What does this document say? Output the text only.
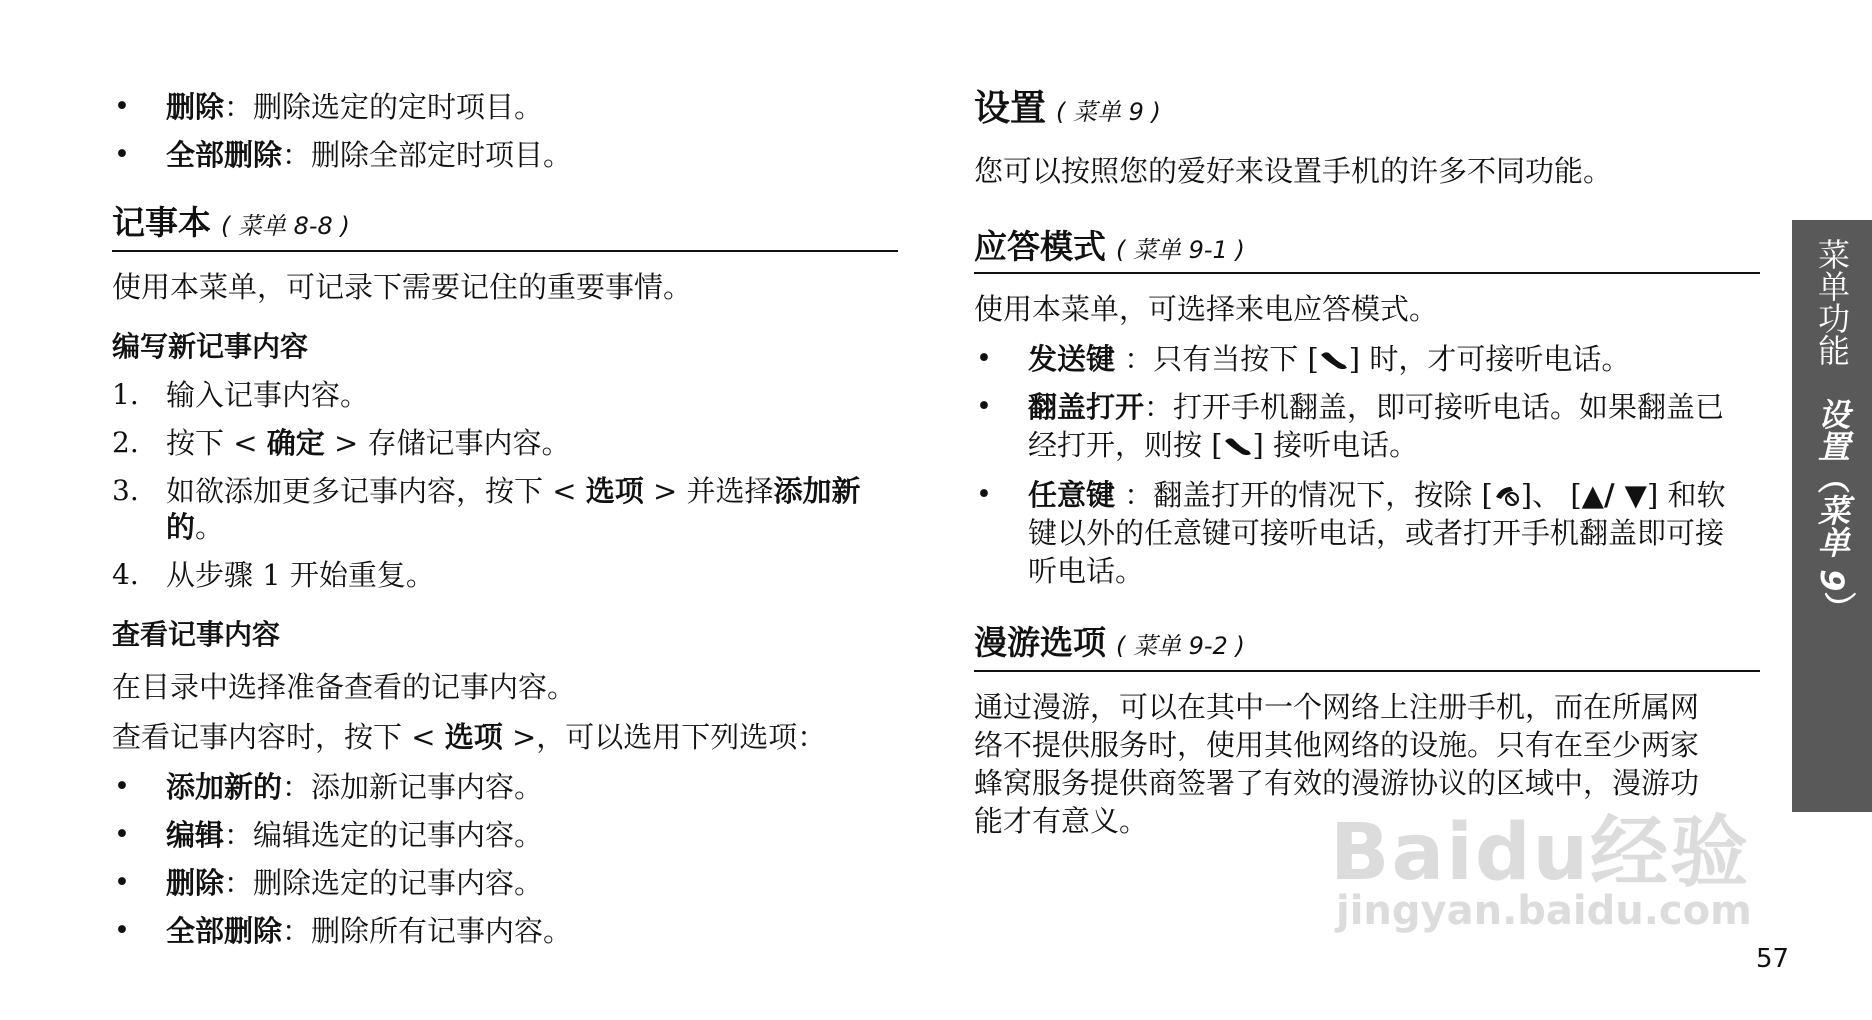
• 删除：删除选定的定时项目。
• 全部删除：删除全部定时项目。
记事本 ( 菜单 8-8 )
使用本菜单，可记录下需要记住的重要事情。
编写新记事内容
1. 输入记事内容。
2. 按下 < 确定 > 存储记事内容。
3. 如欲添加更多记事内容，按下 < 选项 > 并选择添加新
的。
4. 从步骤 1 开始重复。
查看记事内容
在目录中选择准备查看的记事内容。
查看记事内容时，按下 < 选项 >，可以选用下列选项：
• 添加新的：添加新记事内容。
• 编辑：编辑选定的记事内容。
• 删除：删除选定的记事内容。
• 全部删除：删除所有记事内容。
设置 ( 菜单 9 )
您可以按照您的爱好来设置手机的许多不同功能。
应答模式 ( 菜单 9-1 )
使用本菜单，可选择来电应答模式。
• 发送键 ：只有当按下 [ ] 时，才可接听电话。
• 翻盖打开：打开手机翻盖，即可接听电话。如果翻盖已
经打开，则按 [ ] 接听电话。
• 任意键 ：翻盖打开的情况下，按除 [ ]、 [▲/ ▼] 和软
键以外的任意键可接听电话，或者打开手机翻盖即可接
听电话。
漫游选项 ( 菜单 9-2 )
通过漫游，可以在其中一个网络上注册手机，而在所属网
络不提供服务时，使用其他网络的设施。只有在至少两家
蜂窝服务提供商签署了有效的漫游协议的区域中，漫游功
能才有意义。
菜单功能　设置（菜单 9）
Baidu经验
jingyan.baidu.com
57
